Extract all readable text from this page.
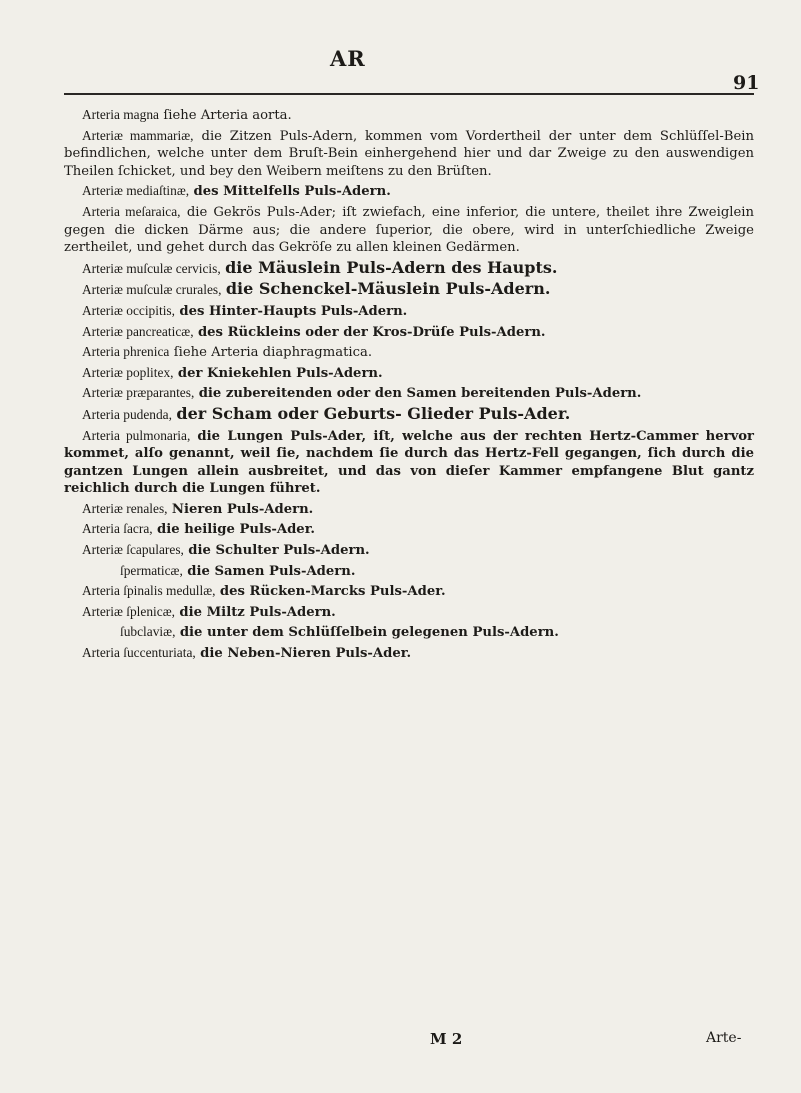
AR
91

Arteria magna ſiehe Arteria aorta.

Arteriæ mammariæ, die Zitzen Puls-Adern, kommen vom Vordertheil der unter dem Schlüſſel-Bein befindlichen, welche unter dem Bruſt-Bein einhergehend hier und dar Zweige zu den auswendigen Theilen ſchicket, und bey den Weibern meiſtens zu den Brüſten.

Arteriæ mediaſtinæ, des Mittelfells Puls-Adern.

Arteria meſaraica, die Gekrös Puls-Ader; iſt zwiefach, eine inferior, die untere, theilet ihre Zweiglein gegen die dicken Därme aus; die andere ſuperior, die obere, wird in unterſchiedliche Zweige zertheilet, und gehet durch das Gekröſe zu allen kleinen Gedärmen.

Arteriæ muſculæ cervicis, die Mäuslein Puls-Adern des Haupts.

Arteriæ muſculæ crurales, die Schenckel-Mäuslein Puls-Adern.

Arteriæ occipitis, des Hinter-Haupts Puls-Adern.

Arteriæ pancreaticæ, des Rückleins oder der Kros-Drüſe Puls-Adern.

Arteria phrenica ſiehe Arteria diaphragmatica.

Arteriæ poplitex, der Kniekehlen Puls-Adern.

Arteriæ præparantes, die zubereitenden oder den Samen bereitenden Puls-Adern.

Arteria pudenda, der Scham oder Geburts- Glieder Puls-Ader.

Arteria pulmonaria, die Lungen Puls-Ader, iſt, welche aus der rechten Hertz-Cammer hervor kommet, alſo genannt, weil ſie, nachdem ſie durch das Hertz-Fell gegangen, ſich durch die gantzen Lungen allein ausbreitet, und das von dieſer Kammer empfangene Blut gantz reichlich durch die Lungen führet.

Arteriæ renales, Nieren Puls-Adern.

Arteria ſacra, die heilige Puls-Ader.

Arteriæ ſcapulares, die Schulter Puls-Adern.

ſpermaticæ, die Samen Puls-Adern.

Arteria ſpinalis medullæ, des Rücken-Marcks Puls-Ader.

Arteriæ ſplenicæ, die Miltz Puls-Adern.

ſubclaviæ, die unter dem Schlüſſelbein gelegenen Puls-Adern.

Arteria ſuccenturiata, die Neben-Nieren Puls-Ader.

M 2	Arte-
